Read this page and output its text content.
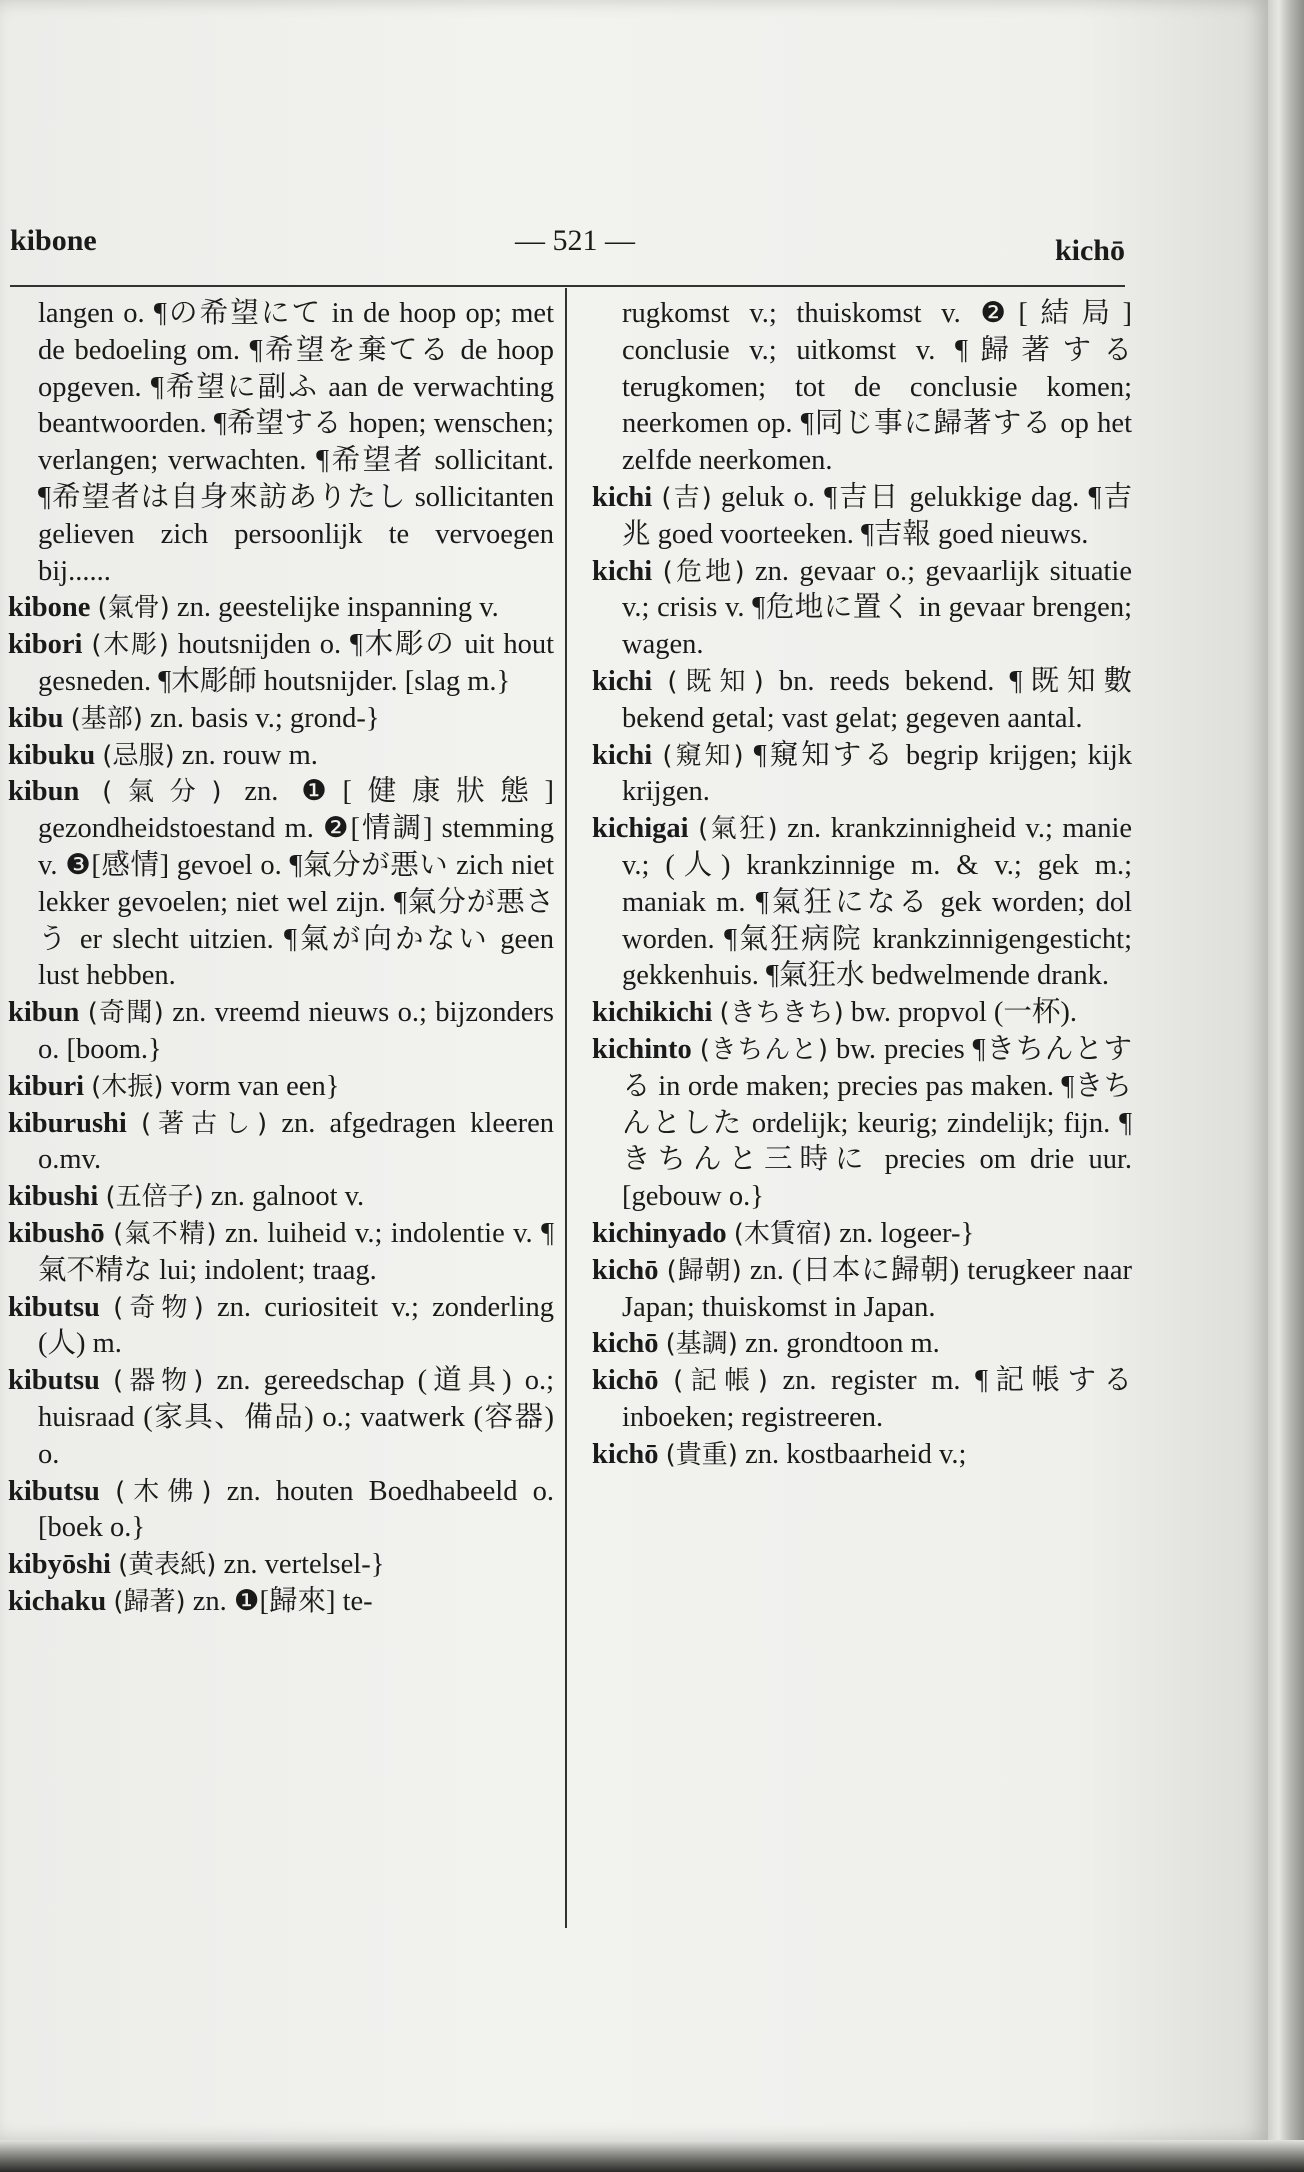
kibone	— 521 —	kichō

langen o. ¶の希望にて in de hoop op; met de bedoeling om. ¶希望を棄てる de hoop opgeven. ¶希望に副ふ aan de verwachting beantwoorden. ¶希望する hopen; wenschen; verlangen; verwachten. ¶希望者 sollicitant. ¶希望者は自身來訪ありたし sollicitanten gelieven zich persoonlijk te vervoegen bij......

kibone (氣骨) zn. geestelijke inspanning v.

kibori (木彫) houtsnijden o. ¶木彫の uit hout gesneden. ¶木彫師 houtsnijder. [slag m.}

kibu (基部) zn. basis v.; grond-}

kibuku (忌服) zn. rouw m.

kibun (氣分) zn. ❶[健康狀態] gezondheidstoestand m. ❷[情調] stemming v. ❸[感情] gevoel o. ¶氣分が悪い zich niet lekker gevoelen; niet wel zijn. ¶氣分が悪さう er slecht uitzien. ¶氣が向かない geen lust hebben.

kibun (奇聞) zn. vreemd nieuws o.; bijzonders o. [boom.}

kiburi (木振) vorm van een}

kiburushi (著古し) zn. afgedragen kleeren o.mv.

kibushi (五倍子) zn. galnoot v.

kibushō (氣不精) zn. luiheid v.; indolentie v. ¶氣不精な lui; indolent; traag.

kibutsu (奇物) zn. curiositeit v.; zonderling (人) m.

kibutsu (器物) zn. gereedschap (道具) o.; huisraad (家具、備品) o.; vaatwerk (容器) o.

kibutsu (木佛) zn. houten Boedhabeeld o. [boek o.}

kibyōshi (黄表紙) zn. vertelsel-}

kichaku (歸著) zn. ❶[歸來] te-

rugkomst v.; thuiskomst v. ❷[結局] conclusie v.; uitkomst v. ¶歸著する terugkomen; tot de conclusie komen; neerkomen op. ¶同じ事に歸著する op het zelfde neerkomen.

kichi (吉) geluk o. ¶吉日 gelukkige dag. ¶吉兆 goed voorteeken. ¶吉報 goed nieuws.

kichi (危地) zn. gevaar o.; gevaarlijk situatie v.; crisis v. ¶危地に置く in gevaar brengen; wagen.

kichi (既知) bn. reeds bekend. ¶既知數 bekend getal; vast gelat; gegeven aantal.

kichi (窺知) ¶窺知する begrip krijgen; kijk krijgen.

kichigai (氣狂) zn. krankzinnigheid v.; manie v.; (人) krankzinnige m. & v.; gek m.; maniak m. ¶氣狂になる gek worden; dol worden. ¶氣狂病院 krankzinnigengesticht; gekkenhuis. ¶氣狂水 bedwelmende drank.

kichikichi (きちきち) bw. propvol (一杯).

kichinto (きちんと) bw. precies ¶きちんとする in orde maken; precies pas maken. ¶きちんとした ordelijk; keurig; zindelijk; fijn. ¶きちんと三時に precies om drie uur. [gebouw o.}

kichinyado (木賃宿) zn. logeer-}

kichō (歸朝) zn. (日本に歸朝) terugkeer naar Japan; thuiskomst in Japan.

kichō (基調) zn. grondtoon m.

kichō (記帳) zn. register m. ¶記帳する inboeken; registreeren.

kichō (貴重) zn. kostbaarheid v.;
